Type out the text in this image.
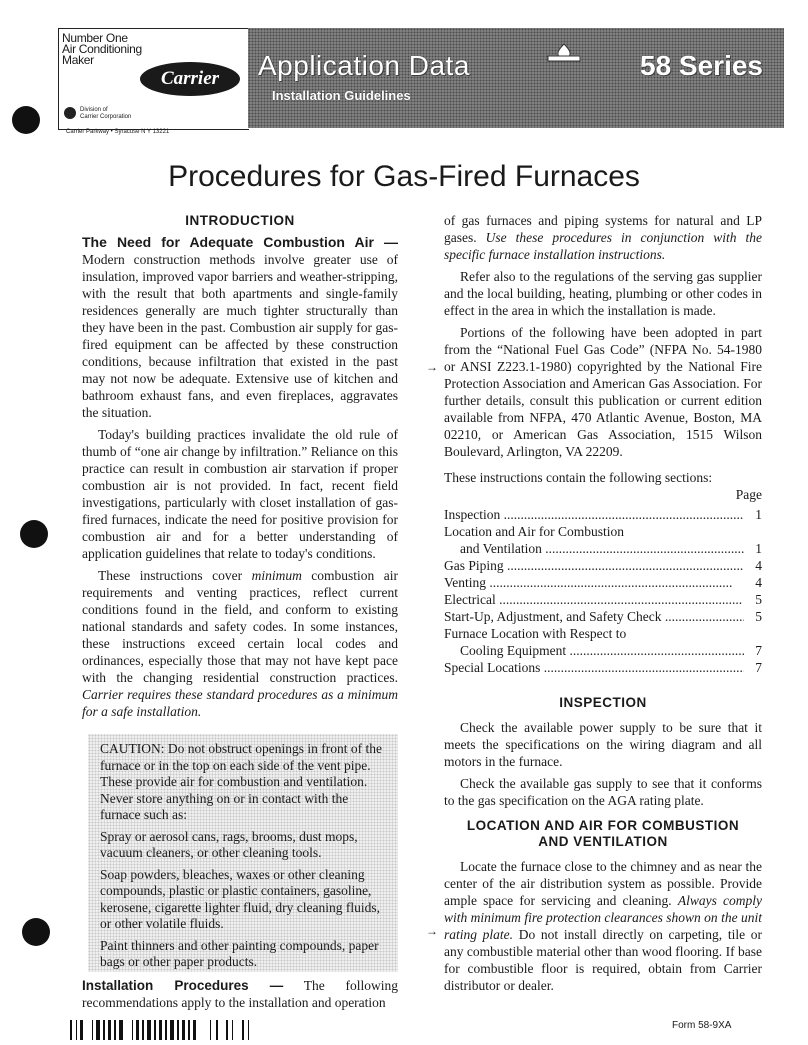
Number One
Air Conditioning
Maker
Carrier
Division of
Carrier Corporation
Carrier Parkway • Syracuse N Y 13221
Application Data
Installation Guidelines
58 Series
Procedures for Gas-Fired Furnaces
INTRODUCTION

The Need for Adequate Combustion Air — Modern construction methods involve greater use of insulation, improved vapor barriers and weather-stripping, with the result that both apartments and single-family residences generally are much tighter structurally than they have been in the past. Combustion air supply for gas-fired equipment can be affected by these construction conditions, because infiltration that existed in the past may not now be adequate. Extensive use of kitchen and bathroom exhaust fans, and even fireplaces, aggravates the situation.

Today's building practices invalidate the old rule of thumb of “one air change by infiltration.” Reliance on this practice can result in combustion air starvation if proper combustion air is not provided. In fact, recent field investigations, particularly with closet installation of gas-fired furnaces, indicate the need for positive provision for combustion air and for a better understanding of application guidelines that relate to today's conditions.

These instructions cover minimum combustion air requirements and venting practices, reflect current conditions found in the field, and conform to existing national standards and safety codes. In some instances, these instructions exceed certain local codes and ordinances, especially those that may not have kept pace with the changing residential construction practices. Carrier requires these standard procedures as a minimum for a safe installation.

CAUTION: Do not obstruct openings in front of the furnace or in the top on each side of the vent pipe. These provide air for combustion and ventilation. Never store anything on or in contact with the furnace such as:

Spray or aerosol cans, rags, brooms, dust mops, vacuum cleaners, or other cleaning tools.

Soap powders, bleaches, waxes or other cleaning compounds, plastic or plastic containers, gasoline, kerosene, cigarette lighter fluid, dry cleaning fluids, or other volatile fluids.

Paint thinners and other painting compounds, paper bags or other paper products.

Installation Procedures — The following recommendations apply to the installation and operation

of gas furnaces and piping systems for natural and LP gases. Use these procedures in conjunction with the specific furnace installation instructions.

Refer also to the regulations of the serving gas supplier and the local building, heating, plumbing or other codes in effect in the area in which the installation is made.

Portions of the following have been adopted in part from the “National Fuel Gas Code” (NFPA No. 54-1980 or ANSI Z223.1-1980) copyrighted by the National Fire Protection Association and American Gas Association. For further details, consult this publication or current edition available from NFPA, 470 Atlantic Avenue, Boston, MA 02210, or American Gas Association, 1515 Wilson Boulevard, Arlington, VA 22209.

These instructions contain the following sections:

Page
Inspection .....	1
Location and Air for Combustion
and Ventilation .....	1
Gas Piping .....	4
Venting .....	4
Electrical .....	5
Start-Up, Adjustment, and Safety Check .....	5
Furnace Location with Respect to
Cooling Equipment .....	7
Special Locations .....	7
INSPECTION

Check the available power supply to be sure that it meets the specifications on the wiring diagram and all motors in the furnace.

Check the available gas supply to see that it conforms to the gas specification on the AGA rating plate.

LOCATION AND AIR FOR COMBUSTION
AND VENTILATION

Locate the furnace close to the chimney and as near the center of the air distribution system as possible. Provide ample space for servicing and cleaning. Always comply with minimum fire protection clearances shown on the unit rating plate. Do not install directly on carpeting, tile or any combustible material other than wood flooring. If base for combustible floor is required, obtain from Carrier distributor or dealer.

→
→
Form 58-9XA
